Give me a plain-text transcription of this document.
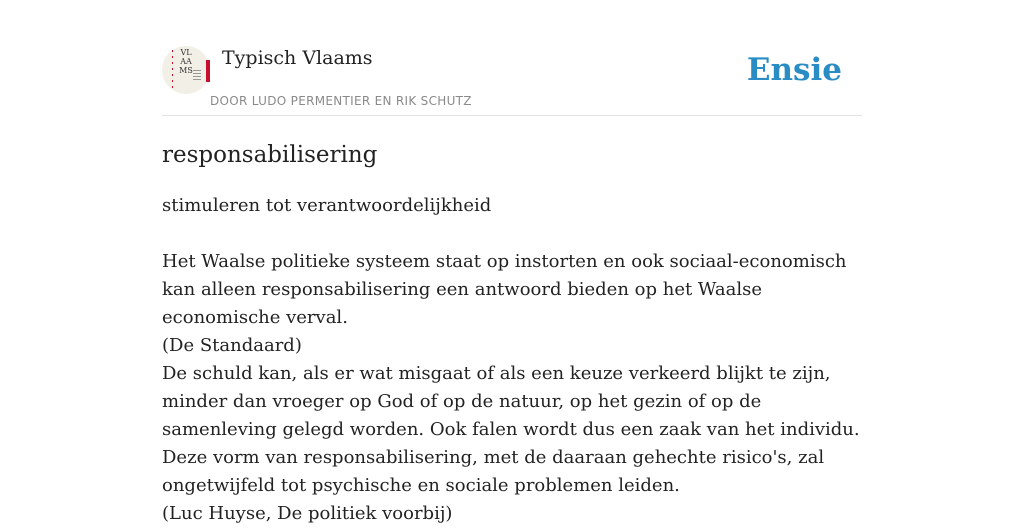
VLAAMS
Typisch Vlaams
DOOR LUDO PERMENTIER EN RIK SCHUTZ
Ensie
responsabilisering

stimuleren tot verantwoordelijkheid

Het Waalse politieke systeem staat op instorten en ook sociaal-economisch kan alleen responsabilisering een antwoord bieden op het Waalse economische verval.

(De Standaard)

De schuld kan, als er wat misgaat of als een keuze verkeerd blijkt te zijn, minder dan vroeger op God of op de natuur, op het gezin of op de samenleving gelegd worden. Ook falen wordt dus een zaak van het individu. Deze vorm van responsabilisering, met de daaraan gehechte risico's, zal ongetwijfeld tot psychische en sociale problemen leiden.

(Luc Huyse, De politiek voorbij)
